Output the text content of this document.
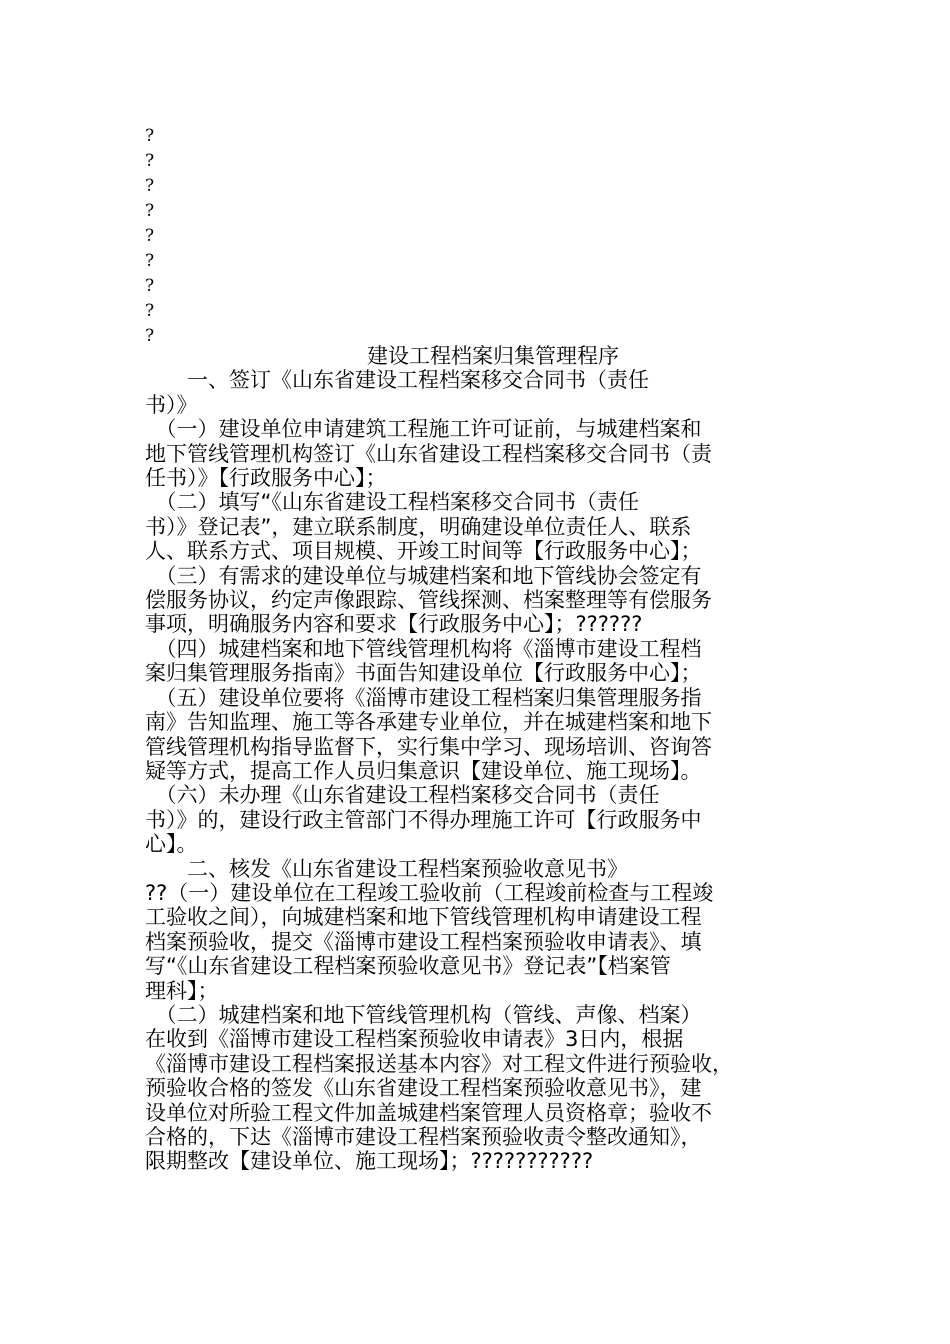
?
?
?
?
?
?
?
?
?

建设工程档案归集管理程序

　　一、签订《山东省建设工程档案移交合同书（责任

书）》

　（一）建设单位申请建筑工程施工许可证前，与城建档案和

地下管线管理机构签订《山东省建设工程档案移交合同书（责

任书）》【行政服务中心】；

　（二）填写“《山东省建设工程档案移交合同书（责任

书）》登记表”，建立联系制度，明确建设单位责任人、联系

人、联系方式、项目规模、开竣工时间等【行政服务中心】；

　（三）有需求的建设单位与城建档案和地下管线协会签定有

偿服务协议，约定声像跟踪、管线探测、档案整理等有偿服务

事项，明确服务内容和要求【行政服务中心】；??????

　（四）城建档案和地下管线管理机构将《淄博市建设工程档

案归集管理服务指南》书面告知建设单位【行政服务中心】；

　（五）建设单位要将《淄博市建设工程档案归集管理服务指

南》告知监理、施工等各承建专业单位，并在城建档案和地下

管线管理机构指导监督下，实行集中学习、现场培训、咨询答

疑等方式，提高工作人员归集意识【建设单位、施工现场】。

　（六）未办理《山东省建设工程档案移交合同书（责任

书）》的，建设行政主管部门不得办理施工许可【行政服务中

心】。

　　二、核发《山东省建设工程档案预验收意见书》

??（一）建设单位在工程竣工验收前（工程竣前检查与工程竣

工验收之间），向城建档案和地下管线管理机构申请建设工程

档案预验收，提交《淄博市建设工程档案预验收申请表》、填

写“《山东省建设工程档案预验收意见书》登记表”【档案管

理科】；

　（二）城建档案和地下管线管理机构（管线、声像、档案）

在收到《淄博市建设工程档案预验收申请表》3日内，根据

《淄博市建设工程档案报送基本内容》对工程文件进行预验收，

预验收合格的签发《山东省建设工程档案预验收意见书》，建

设单位对所验工程文件加盖城建档案管理人员资格章；验收不

合格的，下达《淄博市建设工程档案预验收责令整改通知》，

限期整改【建设单位、施工现场】；???????????
